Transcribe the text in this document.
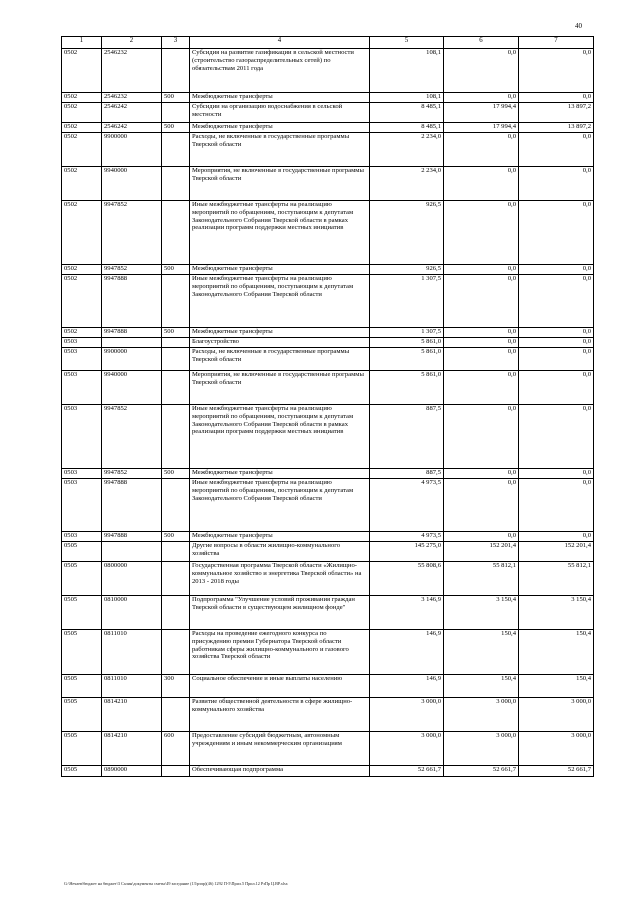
40
1	2	3	4	5	6	7
0502	2546232		Субсидия на развитие газификации в сельской местности (строительство газораспределительных сетей) по обязательствам 2011 года	108,1	0,0	0,0
0502	2546232	500	Межбюджетные трансферты	108,1	0,0	0,0
0502	2546242		Субсидии на организацию водоснабжения в сельской местности	8 485,1	17 994,4	13 897,2
0502	2546242	500	Межбюджетные трансферты	8 485,1	17 994,4	13 897,2
0502	9900000		Расходы, не включенные в государственные программы Тверской области	2 234,0	0,0	0,0
0502	9940000		Мероприятия, не включенные в государственные программы Тверской области	2 234,0	0,0	0,0
0502	9947852		Иные межбюджетные трансферты на реализацию мероприятий по обращениям, поступающим к депутатам Законодательного Собрания Тверской области в рамках реализации программ поддержки местных инициатив	926,5	0,0	0,0
0502	9947852	500	Межбюджетные трансферты	926,5	0,0	0,0
0502	9947888		Иные межбюджетные трансферты на реализацию мероприятий по обращениям, поступающим к депутатам Законодательного Собрания Тверской области	1 307,5	0,0	0,0
0502	9947888	500	Межбюджетные трансферты	1 307,5	0,0	0,0
0503			Благоустройство	5 861,0	0,0	0,0
0503	9900000		Расходы, не включенные в государственные программы Тверской области	5 861,0	0,0	0,0
0503	9940000		Мероприятия, не включенные в государственные программы Тверской области	5 861,0	0,0	0,0
0503	9947852		Иные межбюджетные трансферты на реализацию мероприятий по обращениям, поступающим к депутатам Законодательного Собрания Тверской области в рамках реализации программ поддержки местных инициатив	887,5	0,0	0,0
0503	9947852	500	Межбюджетные трансферты	887,5	0,0	0,0
0503	9947888		Иные межбюджетные трансферты на реализацию мероприятий по обращениям, поступающим к депутатам Законодательного Собрания Тверской области	4 973,5	0,0	0,0
0503	9947888	500	Межбюджетные трансферты	4 973,5	0,0	0,0
0505			Другие вопросы в области жилищно-коммунального хозяйства	145 275,0	152 201,4	152 201,4
0505	0800000		Государственная программа Тверской области «Жилищно-коммунальное хозяйство и энергетика Тверской области» на 2013 - 2018 годы	55 808,6	55 812,1	55 812,1
0505	0810000		Подпрограмма "Улучшение условий проживания граждан Тверской области в существующем жилищном фонде"	3 146,9	3 150,4	3 150,4
0505	0811010		Расходы на проведение ежегодного конкурса по присуждению премии Губернатора Тверской области работникам сферы жилищно-коммунального и газового хозяйства Тверской области	146,9	150,4	150,4
0505	0811010	300	Социальное обеспечение и иные выплаты населению	146,9	150,4	150,4
0505	0814210		Развитие общественной деятельности в сфере жилищно-коммунального хозяйства	3 000,0	3 000,0	3 000,0
0505	0814210	600	Предоставление субсидий бюджетным, автономным учреждениям и иным некоммерческим организациям	3 000,0	3 000,0	3 000,0
0505	0890000		Обеспечивающая подпрограмма	52 661,7	52 661,7	52 661,7
G:\Нечаев\бюджет на бюджет\3 Салин\документы сметы\49 заседание (13\рзпр)(46) 1292 П-5\Прил.5 Прил.12 РзПр Ц.ВР.xlsx
